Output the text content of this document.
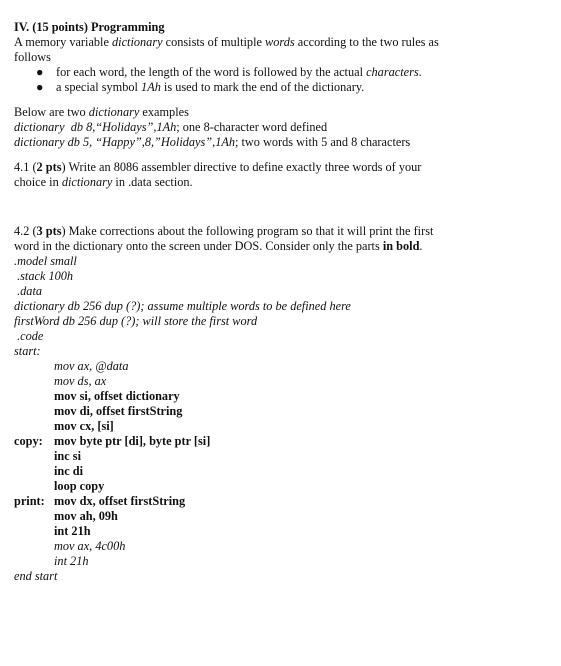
IV. (15 points) Programming
A memory variable dictionary consists of multiple words according to the two rules as
follows
● for each word, the length of the word is followed by the actual characters.
● a special symbol 1Ah is used to mark the end of the dictionary.
Below are two dictionary examples
dictionary  db 8,“Holidays”,1Ah; one 8-character word defined
dictionary db 5, “Happy”,8,”Holidays”,1Ah; two words with 5 and 8 characters
4.1 (2 pts) Write an 8086 assembler directive to define exactly three words of your
choice in dictionary in .data section.
4.2 (3 pts) Make corrections about the following program so that it will print the first
word in the dictionary onto the screen under DOS. Consider only the parts in bold.
.model small
.stack 100h
.data
dictionary db 256 dup (?); assume multiple words to be defined here
firstWord db 256 dup (?); will store the first word
.code
start:
mov ax, @data
mov ds, ax
mov si, offset dictionary
mov di, offset firstString
mov cx, [si]
copy: mov byte ptr [di], byte ptr [si]
inc si
inc di
loop copy
print: mov dx, offset firstString
mov ah, 09h
int 21h
mov ax, 4c00h
int 21h
end start
